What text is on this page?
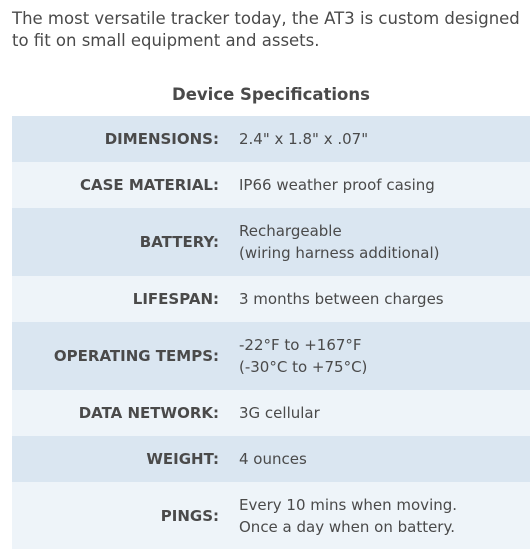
The most versatile tracker today, the AT3 is custom designed to fit on small equipment and assets.

Device Specifications
DIMENSIONS:	2.4" x 1.8" x .07"

CASE MATERIAL:	IP66 weather proof casing

BATTERY:	Rechargeable
(wiring harness additional)

LIFESPAN:	3 months between charges

OPERATING TEMPS:	-22°F to +167°F
(-30°C to +75°C)

DATA NETWORK:	3G cellular

WEIGHT:	4 ounces

PINGS:	Every 10 mins when moving.
Once a day when on battery.
